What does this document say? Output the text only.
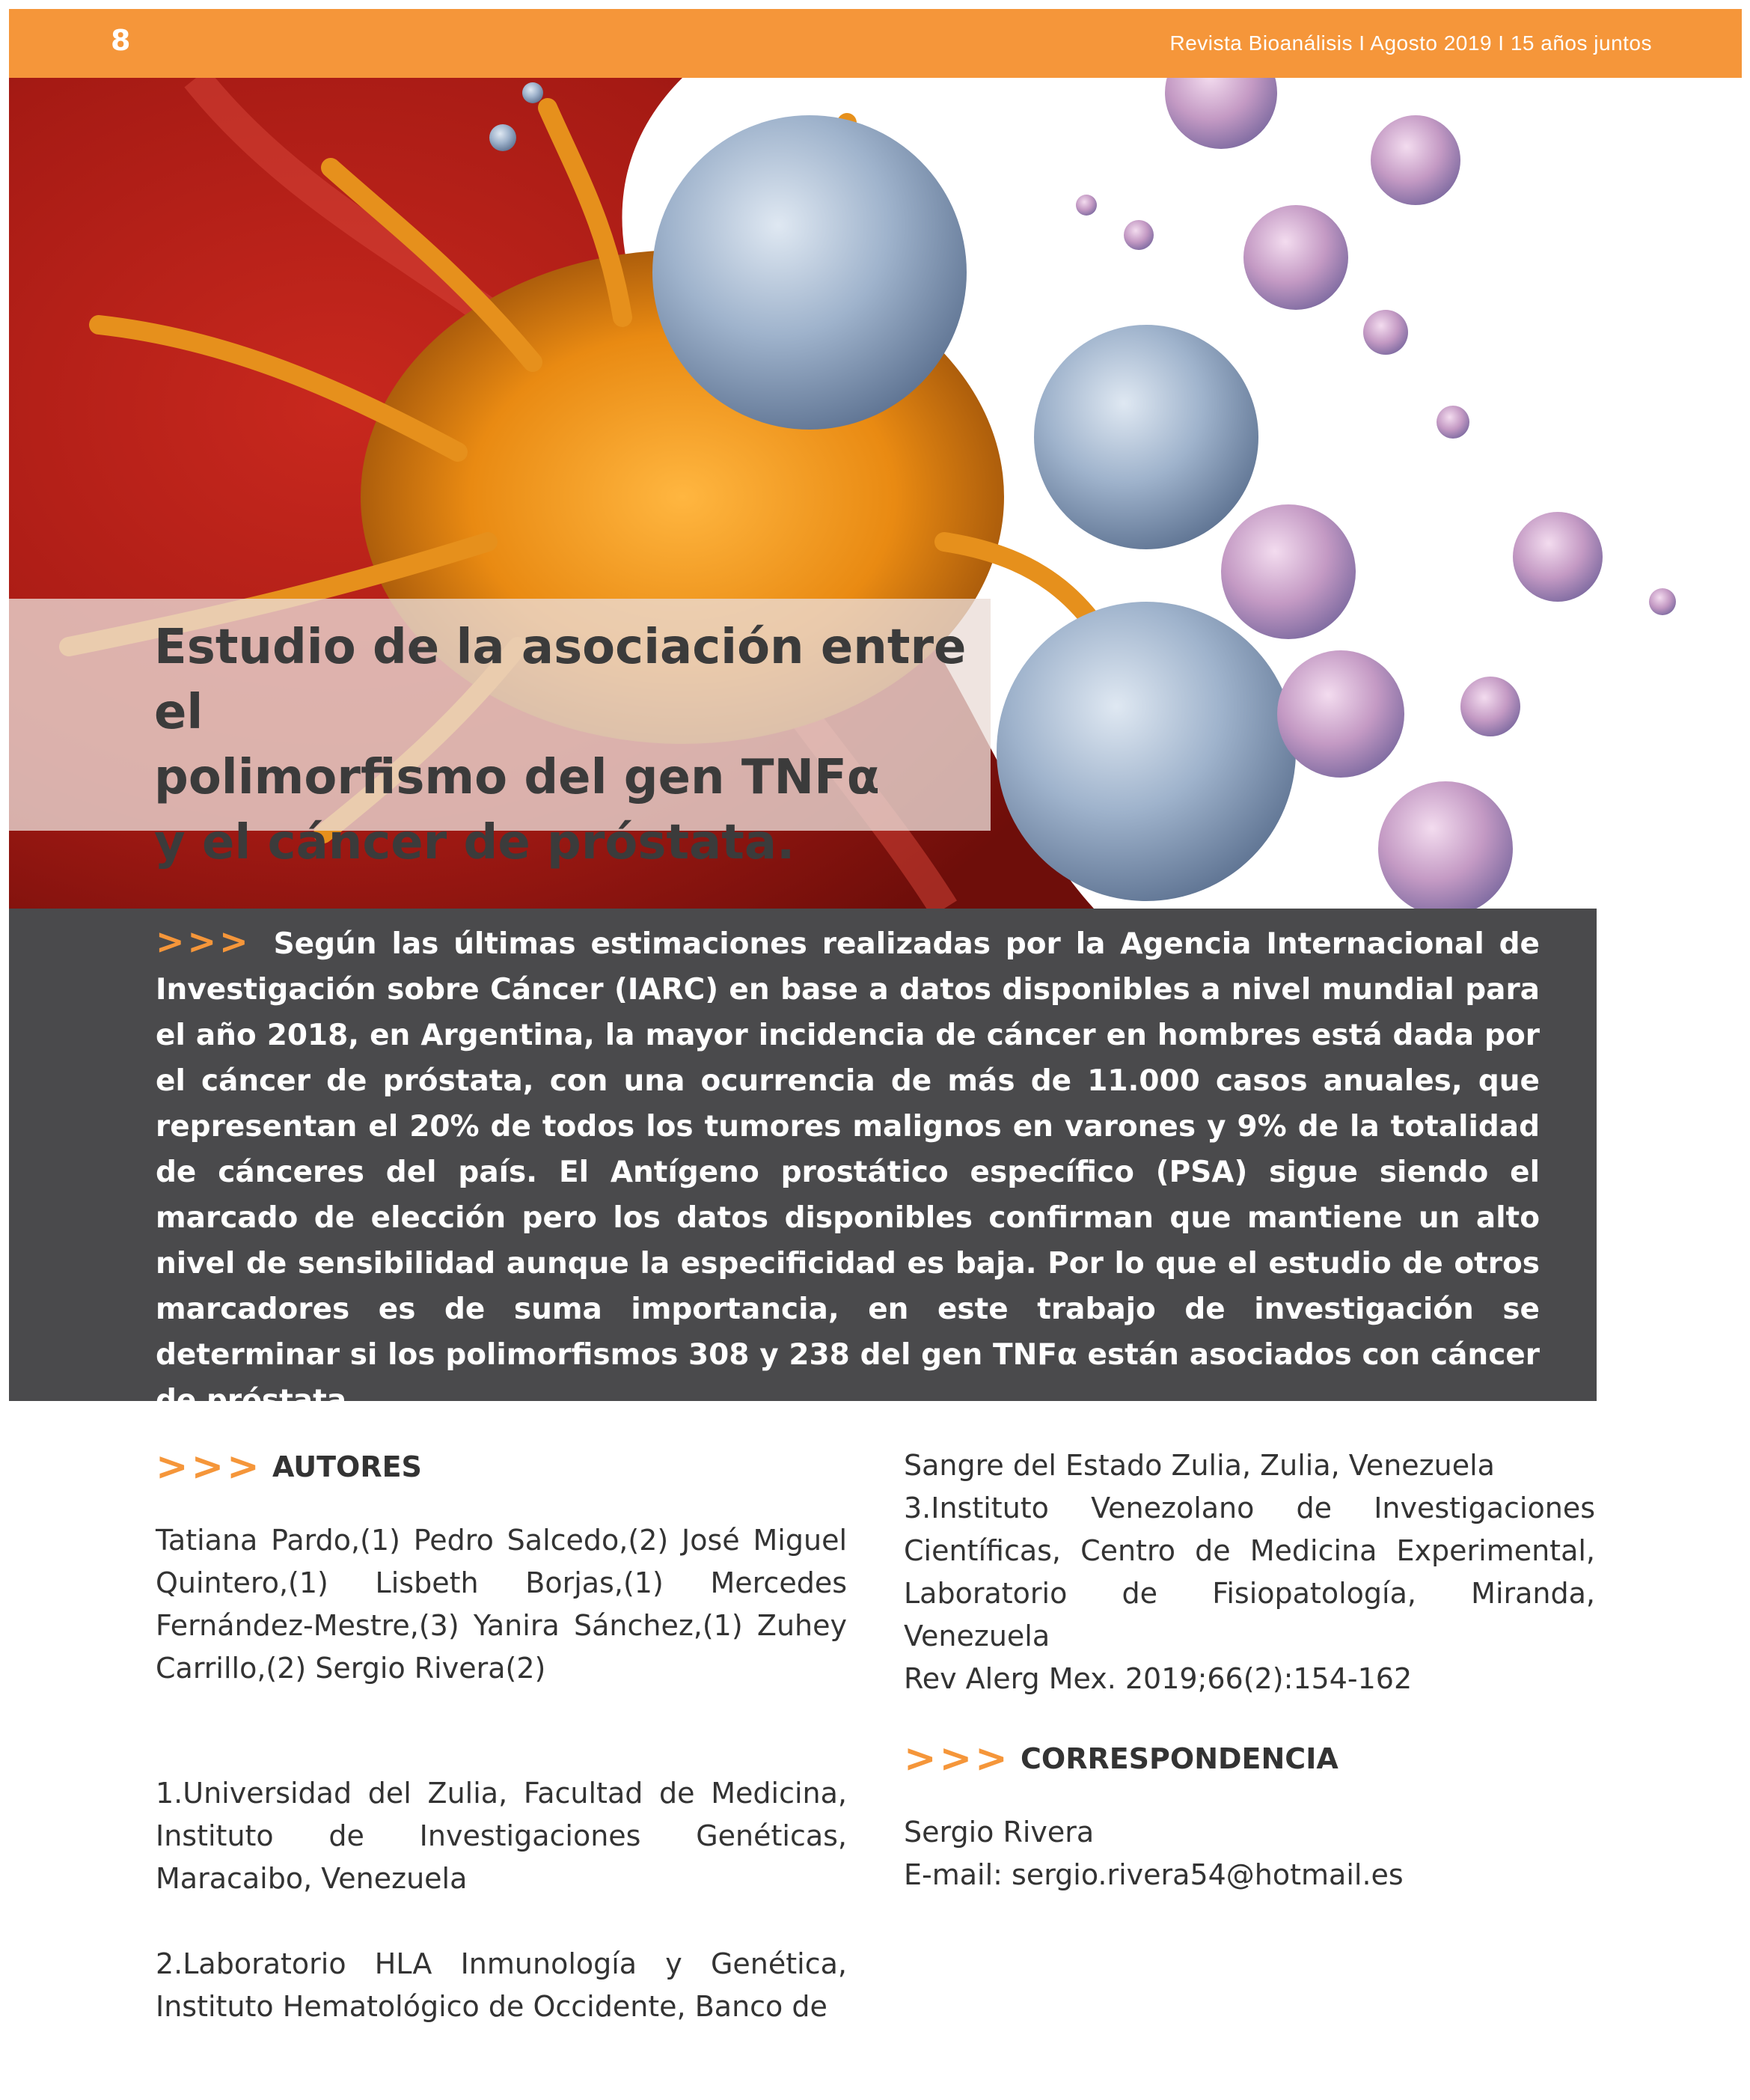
8	Revista Bioanálisis I Agosto 2019 I 15 años juntos
Estudio de la asociación entre el
polimorfismo del gen TNFα
y el cáncer de próstata.

>>> Según las últimas estimaciones realizadas por la Agencia Internacional de Investigación sobre Cáncer (IARC) en base a datos disponibles a nivel mundial para el año 2018, en Argentina, la mayor incidencia de cáncer en hombres está dada por el cáncer de próstata, con una ocurrencia de más de 11.000 casos anuales, que representan el 20% de todos los tumores malignos en varones y 9% de la totalidad de cánceres del país. El Antígeno prostático específico (PSA) sigue siendo el marcado de elección pero los datos disponibles confirman que mantiene un alto nivel de sensibilidad aunque la especificidad es baja. Por lo que el estudio de otros marcadores es de suma importancia, en este trabajo de investigación se determinar si los polimorfismos 308 y 238 del gen TNFα están asociados con cáncer de próstata.

>>> AUTORES

Tatiana Pardo,(1) Pedro Salcedo,(2) José Miguel Quintero,(1) Lisbeth Borjas,(1) Mercedes Fernández-Mestre,(3) Yanira Sánchez,(1) Zuhey Carrillo,(2) Sergio Rivera(2)

1.Universidad del Zulia, Facultad de Medicina, Instituto de Investigaciones Genéticas, Maracaibo, Venezuela

2.Laboratorio HLA Inmunología y Genética, Instituto Hematológico de Occidente, Banco de

Sangre del Estado Zulia, Zulia, Venezuela
3.Instituto Venezolano de Investigaciones Científicas, Centro de Medicina Experimental, Laboratorio de Fisiopatología, Miranda, Venezuela
Rev Alerg Mex. 2019;66(2):154-162
>>> CORRESPONDENCIA
Sergio Rivera
E-mail: sergio.rivera54@hotmail.es
